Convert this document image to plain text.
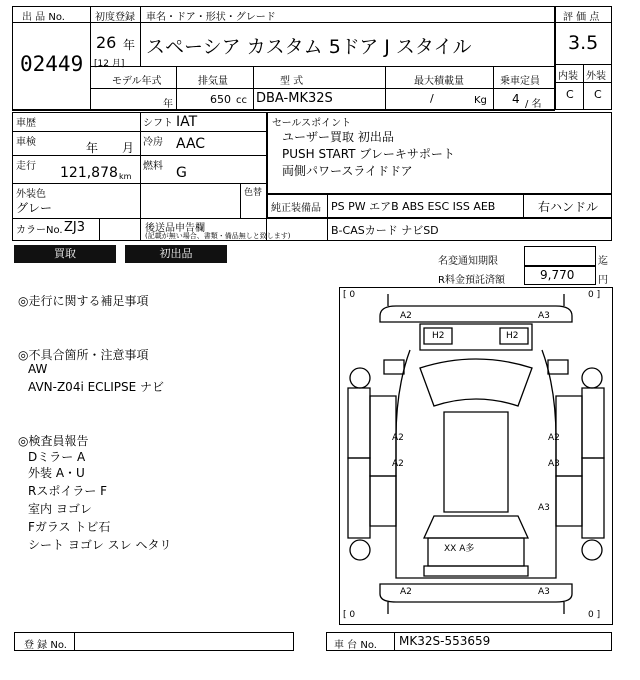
出 品 No.
02449
初度登録
26 年
[12 月]
車名・ドア・形状・グレード
スペーシア カスタム 5ドア J スタイル
評 価 点
3.5
内装 外装
C C
モデル年式
年
排気量
650 cc
型 式
DBA-MK32S
最大積載量
/	Kg
乗車定員
4 / 名
車歴	シフト IAT
車検	年 月 冷房 AAC
走行 121,878 km
燃料 G
外装色
グレー
色替
カラーNo. ZJ3	後送品申告欄
(記載が無い場合、書類・備品無しと致します)
セールスポイント
ユーザー買取 初出品
PUSH START ブレーキサポート
両側パワースライドドア
純正装備品 PS PW エアB ABS ESC ISS AEB	右ハンドル
B-CASカード ナビSD
買取	初出品
名変通知期限	迄
R料金預託済額	9,770 円
◎走行に関する補足事項
◎不具合箇所・注意事項
AW
AVN-Z04i ECLIPSE ナビ
◎検査員報告
Dミラー A
外装 A・U
Rスポイラー F
室内 ヨゴレ
Fガラス トビ石
シート ヨゴレ スレ ヘタリ
[ 0	0 ]
[ 0	0 ]
A2	A3
H2	H2
A2
A2
A2
A3
A3
XX A多
A2	A3
登 録 No.	車 台 No. MK32S-553659
